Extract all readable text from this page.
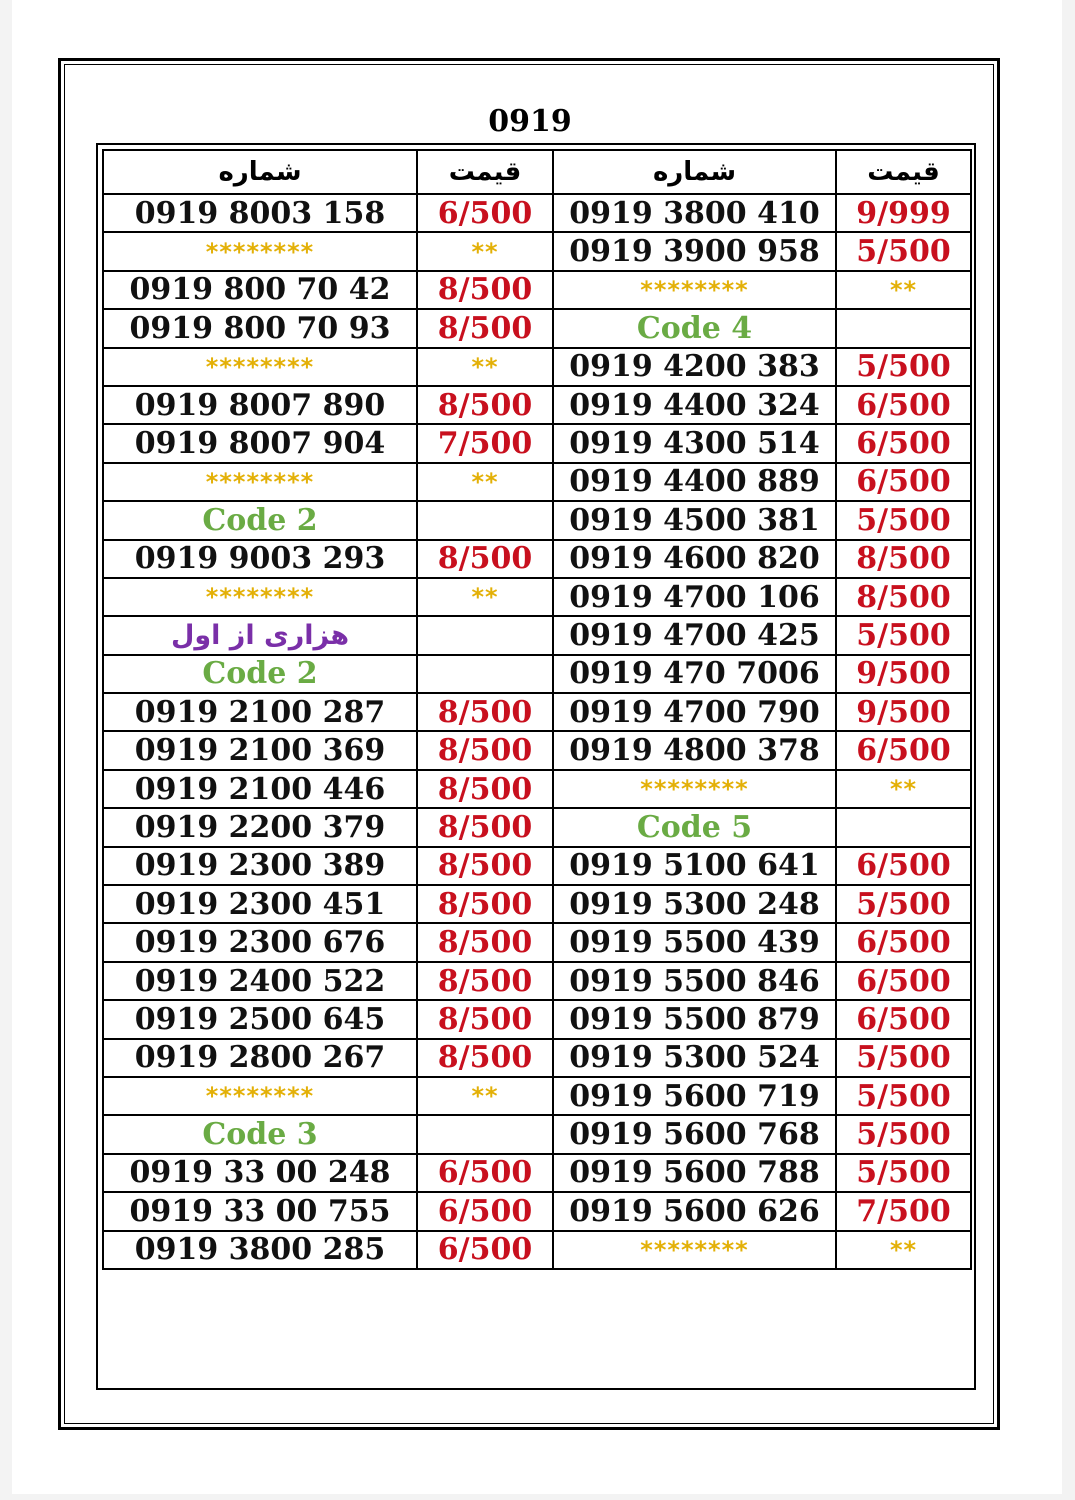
0919
شماره	قیمت	شماره	قیمت
0919 8003 158	6/500	0919 3800 410	9/999
********	**	0919 3900 958	5/500
0919 800 70 42	8/500	********	**
0919 800 70 93	8/500	Code 4	
********	**	0919 4200 383	5/500
0919 8007 890	8/500	0919 4400 324	6/500
0919 8007 904	7/500	0919 4300 514	6/500
********	**	0919 4400 889	6/500
Code 2		0919 4500 381	5/500
0919 9003 293	8/500	0919 4600 820	8/500
********	**	0919 4700 106	8/500
هزاری از اول		0919 4700 425	5/500
Code 2		0919 470 7006	9/500
0919 2100 287	8/500	0919 4700 790	9/500
0919 2100 369	8/500	0919 4800 378	6/500
0919 2100 446	8/500	********	**
0919 2200 379	8/500	Code 5	
0919 2300 389	8/500	0919 5100 641	6/500
0919 2300 451	8/500	0919 5300 248	5/500
0919 2300 676	8/500	0919 5500 439	6/500
0919 2400 522	8/500	0919 5500 846	6/500
0919 2500 645	8/500	0919 5500 879	6/500
0919 2800 267	8/500	0919 5300 524	5/500
********	**	0919 5600 719	5/500
Code 3		0919 5600 768	5/500
0919 33 00 248	6/500	0919 5600 788	5/500
0919 33 00 755	6/500	0919 5600 626	7/500
0919 3800 285	6/500	********	**
